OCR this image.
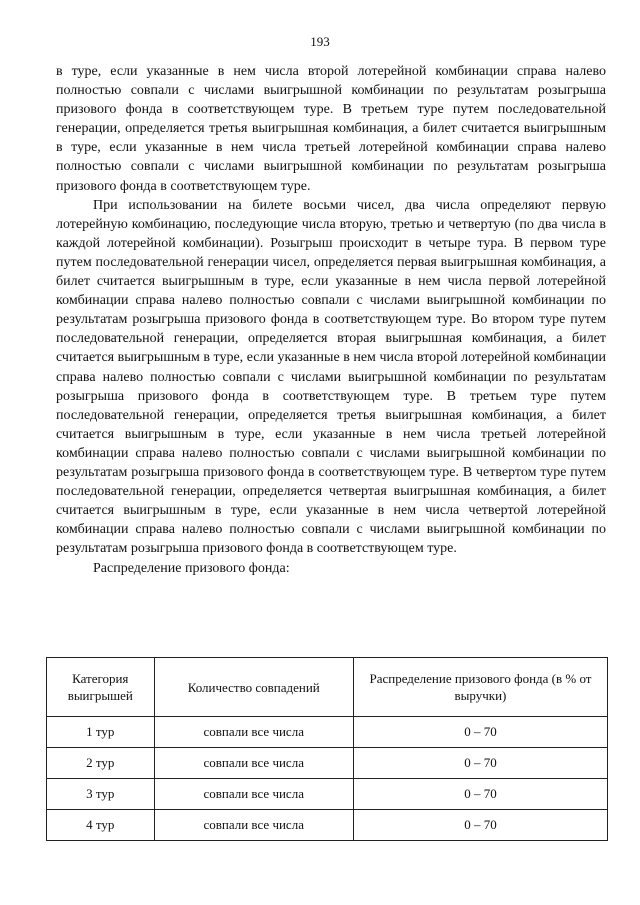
193

в туре, если указанные в нем числа второй лотерейной комбинации справа налево полностью совпали с числами выигрышной комбинации по результатам розыгрыша призового фонда в соответствующем туре. В третьем туре путем последовательной генерации, определяется третья выигрышная комбинация, а билет считается выигрышным в туре, если указанные в нем числа третьей лотерейной комбинации справа налево полностью совпали с числами выигрышной комбинации по результатам розыгрыша призового фонда в соответствующем туре.

При использовании на билете восьми чисел, два числа определяют первую лотерейную комбинацию, последующие числа вторую, третью и четвертую (по два числа в каждой лотерейной комбинации). Розыгрыш происходит в четыре тура. В первом туре путем последовательной генерации чисел, определяется первая выигрышная комбинация, а билет считается выигрышным в туре, если указанные в нем числа первой лотерейной комбинации справа налево полностью совпали с числами выигрышной комбинации по результатам розыгрыша призового фонда в соответствующем туре. Во втором туре путем последовательной генерации, определяется вторая выигрышная комбинация, а билет считается выигрышным в туре, если указанные в нем числа второй лотерейной комбинации справа налево полностью совпали с числами выигрышной комбинации по результатам розыгрыша призового фонда в соответствующем туре. В третьем туре путем последовательной генерации, определяется третья выигрышная комбинация, а билет считается выигрышным в туре, если указанные в нем числа третьей лотерейной комбинации справа налево полностью совпали с числами выигрышной комбинации по результатам розыгрыша призового фонда в соответствующем туре. В четвертом туре путем последовательной генерации, определяется четвертая выигрышная комбинация, а билет считается выигрышным в туре, если указанные в нем числа четвертой лотерейной комбинации справа налево полностью совпали с числами выигрышной комбинации по результатам розыгрыша призового фонда в соответствующем туре.

Распределение призового фонда:

Категория выигрышей	Количество совпадений	Распределение призового фонда (в % от выручки)
1 тур	совпали все числа	0 – 70
2 тур	совпали все числа	0 – 70
3 тур	совпали все числа	0 – 70
4 тур	совпали все числа	0 – 70
